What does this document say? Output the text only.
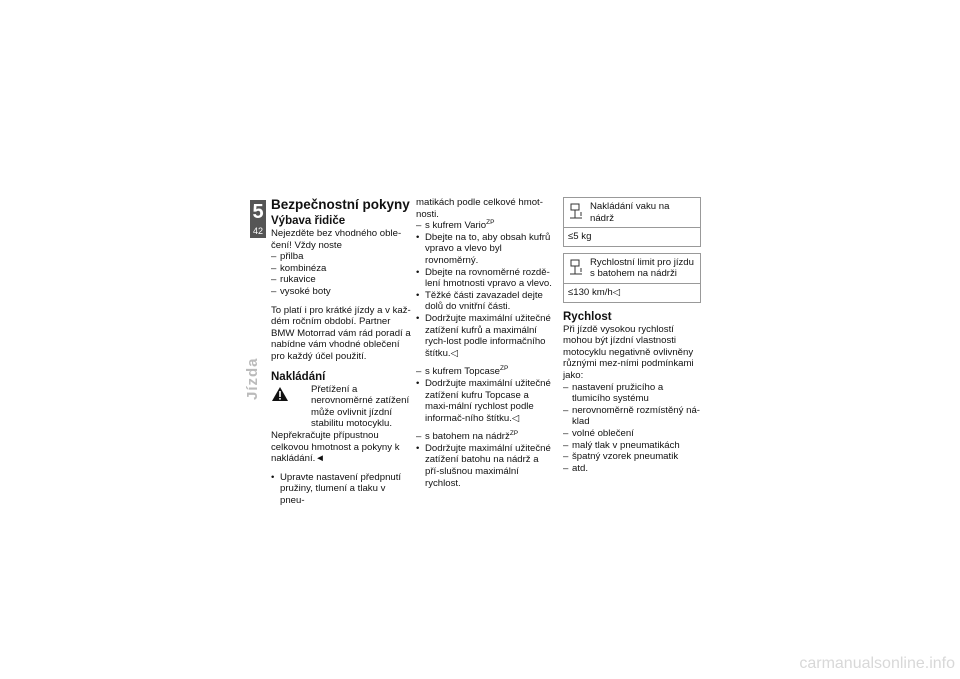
5
42
Jízda
Bezpečnostní pokyny
Výbava řidiče

Nejezděte bez vhodného oble-čení! Vždy noste

– přilba
– kombinéza
– rukavice
– vysoké boty

To platí i pro krátké jízdy a v kaž-dém ročním období. Partner BMW Motorrad vám rád poradí a nabídne vám vhodné oblečení pro každý účel použití.

Nakládání
Přetížení a nerovnoměrné zatížení může ovlivnit jízdní stabilitu motocyklu.

Nepřekračujte přípustnou celkovou hmotnost a pokyny k nakládání.◄

• Upravte nastavení předpnutí pružiny, tlumení a tlaku v pneu-

matikách podle celkové hmot-nosti.

– s kufrem Vario$^{ZP}$
• Dbejte na to, aby obsah kufrů vpravo a vlevo byl rovnoměrný.
• Dbejte na rovnoměrné rozdě-lení hmotnosti vpravo a vlevo.
• Těžké části zavazadel dejte dolů do vnitřní části.
• Dodržujte maximální užitečné zatížení kufrů a maximální rych-lost podle informačního štítku.◁
– s kufrem Topcase$^{ZP}$
• Dodržujte maximální užitečné zatížení kufru Topcase a maxi-mální rychlost podle informač-ního štítku.◁
– s batohem na nádrž$^{ZP}$
• Dodržujte maximální užitečné zatížení batohu na nádrž a pří-slušnou maximální rychlost.
Nakládání vaku na nádrž
≤5 kg
Rychlostní limit pro jízdu s batohem na nádrži
≤130 km/h◁
Rychlost

Při jízdě vysokou rychlostí mohou být jízdní vlastnosti motocyklu negativně ovlivněny různými mez-ními podmínkami jako:

– nastavení pružicího a tlumicího systému
– nerovnoměrně rozmístěný ná-klad
– volné oblečení
– malý tlak v pneumatikách
– špatný vzorek pneumatik
– atd.
carmanualsonline.info
